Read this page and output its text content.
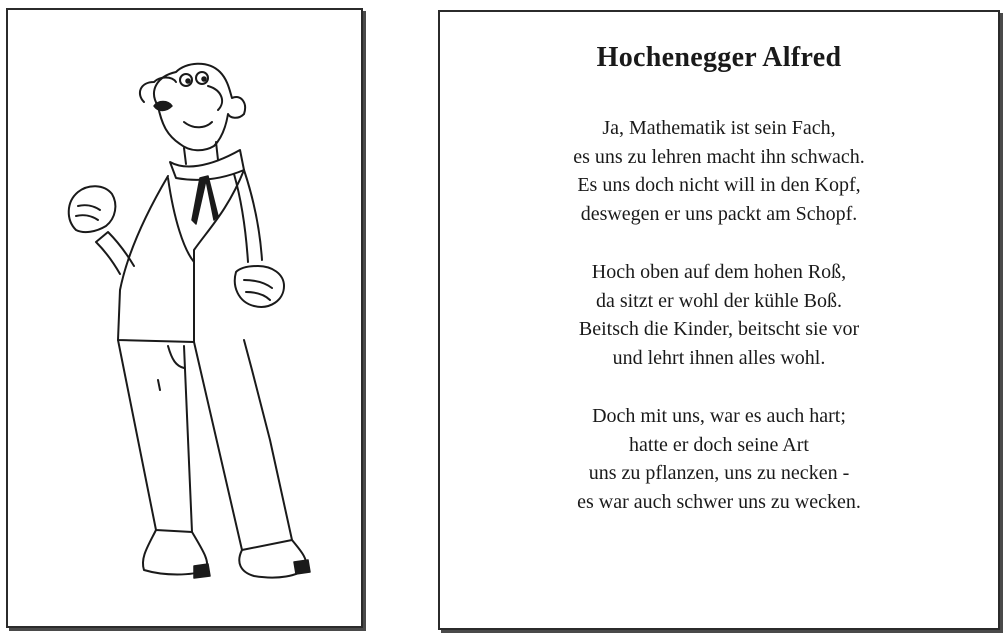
Hochenegger Alfred
Ja, Mathematik ist sein Fach,
es uns zu lehren macht ihn schwach.
Es uns doch nicht will in den Kopf,
deswegen er uns packt am Schopf.
Hoch oben auf dem hohen Roß,
da sitzt er wohl der kühle Boß.
Beitsch die Kinder, beitscht sie vor
und lehrt ihnen alles wohl.
Doch mit uns, war es auch hart;
hatte er doch seine Art
uns zu pflanzen, uns zu necken -
es war auch schwer uns zu wecken.
